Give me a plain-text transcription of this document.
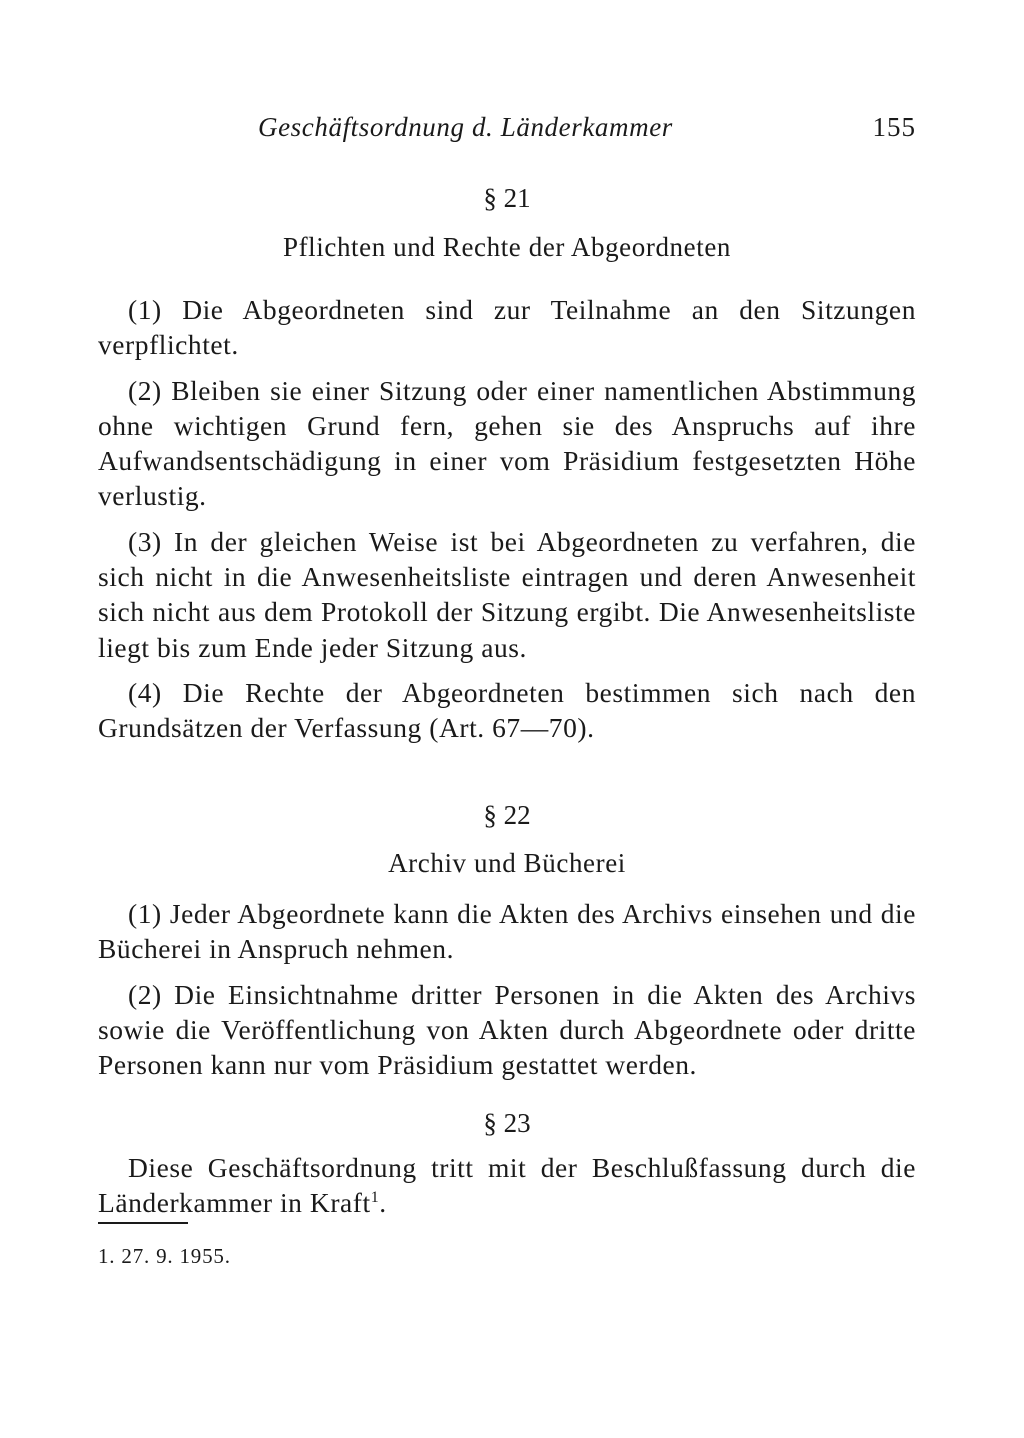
Geschäftsordnung d. Länderkammer	155
§ 21
Pflichten und Rechte der Abgeordneten

(1) Die Abgeordneten sind zur Teilnahme an den Sitzungen verpflichtet.

(2) Bleiben sie einer Sitzung oder einer namentlichen Abstimmung ohne wichtigen Grund fern, gehen sie des Anspruchs auf ihre Aufwandsentschädigung in einer vom Präsidium festgesetzten Höhe verlustig.

(3) In der gleichen Weise ist bei Abgeordneten zu verfahren, die sich nicht in die Anwesenheitsliste eintragen und deren Anwesenheit sich nicht aus dem Protokoll der Sitzung ergibt. Die Anwesenheitsliste liegt bis zum Ende jeder Sitzung aus.

(4) Die Rechte der Abgeordneten bestimmen sich nach den Grundsätzen der Verfassung (Art. 67—70).

§ 22
Archiv und Bücherei

(1) Jeder Abgeordnete kann die Akten des Archivs einsehen und die Bücherei in Anspruch nehmen.

(2) Die Einsichtnahme dritter Personen in die Akten des Archivs sowie die Veröffentlichung von Akten durch Abgeordnete oder dritte Personen kann nur vom Präsidium gestattet werden.

§ 23

Diese Geschäftsordnung tritt mit der Beschlußfassung durch die Länderkammer in Kraft$^1$.

1. 27. 9. 1955.
